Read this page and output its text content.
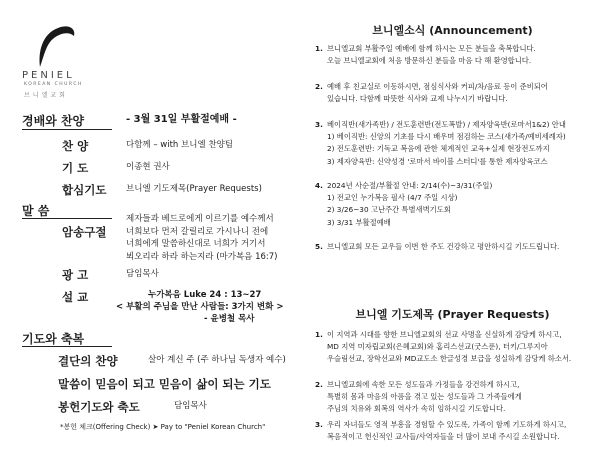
PENIEL
KOREAN CHURCH
브니엘교회
경배와 찬양	- 3월 31일 부활절예배 -
찬 양	다함께 – with 브니엘 찬양팀
기 도	이종현 권사
합심기도 브니엘 기도제목(Prayer Requests)
말 씀
암송구절
제자들과 베드로에게 이르기를 예수께서
너희보다 먼저 갈릴리로 가시나니 전에
너희에게 말씀하신대로 너희가 거기서
뵈오리라 하라 하는지라 (마가복음 16:7)
광 고	담임목사
설 교	누가복음 Luke 24 : 13~27
< 부활의 주님을 만난 사람들: 3가지 변화 >
- 윤병철 목사
기도와 축복
결단의 찬양	살아 계신 주 (주 하나님 독생자 예수)
말씀이 믿음이 되고 믿음이 삶이 되는 기도
봉헌기도와 축도	담임목사
*봉헌 체크(Offering Check) ➤ Pay to "Peniel Korean Church"
브니엘소식 (Announcement)
1. 브니엘교회 부활주일 예배에 함께 하시는 모든 분들을 축복합니다.
오늘 브니엘교회에 처음 방문하신 분들을 마음 다 해 환영합니다.
2. 예배 후 친교실로 이동하시면, 점심식사와 커피/차/음료 등이 준비되어
있습니다. 다함께 따뜻한 식사와 교제 나누시기 바랍니다.
3. 베이직반(새가족반) / 전도훈련반(전도폭발) / 제자양육반(로마서1&2) 안내
1) 베이직반: 신앙의 기초를 다시 배우며 점검하는 코스(새가족/예비세례자)
2) 전도훈련반: 기독교 복음에 관한 체계적인 교육+실제 현장전도까지
3) 제자양육반: 신약성경 '로마서 바이블 스터디'를 통한 제자양육코스
4. 2024년 사순절/부활절 안내: 2/14(수)~3/31(주일)
1) 전교인 누가복음 필사 (4/7 주일 시상)
2) 3/26~30 고난주간 특별새벽기도회
3) 3/31 부활절예배
5. 브니엘교회 모든 교우들 이번 한 주도 건강하고 평안하시길 기도드립니다.
브니엘 기도제목 (Prayer Requests)
1. 이 지역과 시대를 향한 브니엘교회의 선교 사명을 신실하게 감당케 하시고,
MD 지역 미자립교회(은혜교회)와 홈리스선교(굿스푼), 터키/그루지아
우슬림선교, 장학선교와 MD교도소 한글성경 보급을 성실하게 감당케 하소서.
2. 브니엘교회에 속한 모든 성도들과 가정들을 강건하게 하시고,
특별히 몸과 마음의 아픔을 겪고 있는 성도들과 그 가족들에게
주님의 치유와 회복의 역사가 속히 임하시길 기도합니다.
3. 우리 자녀들도 영적 부흥을 경험할 수 있도록, 가족이 함께 기도하게 하시고,
복음적이고 헌신적인 교사들/사역자들을 더 많이 보내 주시길 소원합니다.
